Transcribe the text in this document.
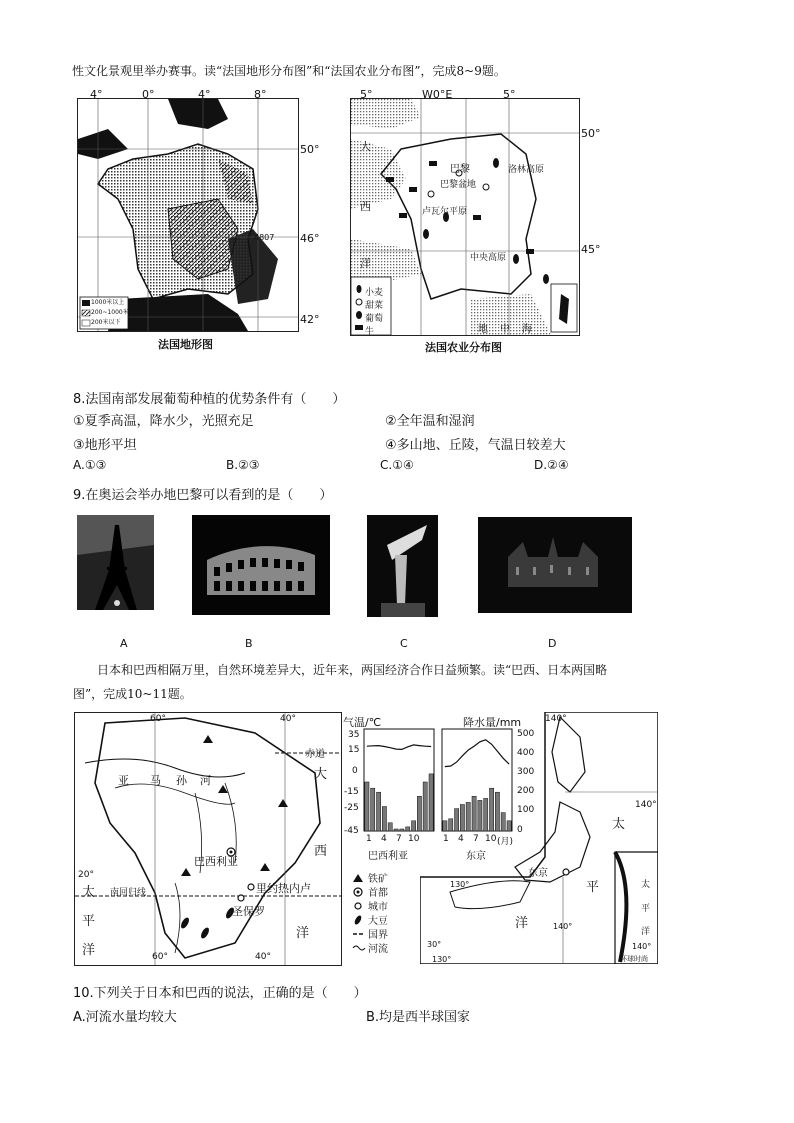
性文化景观里举办赛事。读“法国地形分布图”和“法国农业分布图”，完成8~9题。
4°	0°	4°	8°
50°
46°
42°
4807
1000米以上
200~1000米
200米以下
法国地形图
5°	W0°E	5°
50°
45°
巴黎
巴黎盆地
洛林高原
卢瓦尔平原
中央高原
大
西
洋
地 中 海
小麦
甜菜
葡萄
牛
法国农业分布图
8.法国南部发展葡萄种植的优势条件有（　　）
①夏季高温，降水少，光照充足	②全年温和湿润
③地形平坦	④多山地、丘陵，气温日较差大
A.①③	B.②③	C.①④	D.②④
9.在奥运会举办地巴黎可以看到的是（　　）
A	B	C	D
日本和巴西相隔万里，自然环境差异大，近年来，两国经济合作日益频繁。读“巴西、日本两国略
图”，完成10~11题。
60°	40°
赤道
南回归线
20°
60°	40°
亚 马 孙 河
巴西利亚
里约热内卢
圣保罗
大
西
洋
太
平
洋
气温/℃	降水量/mm
35
15
0
-15
-25
-45
500
400
300
200
100
0
1 4 7 10	1 4 7 10 (月)
巴西利亚	东京
铁矿
首都
城市
大豆
国界
河流
140°
140°
东京
太
平
洋
太
平
洋
130°
30°
140°
130°
140°
环球时尚
10.下列关于日本和巴西的说法，正确的是（　　）
A.河流水量均较大	B.均是西半球国家
